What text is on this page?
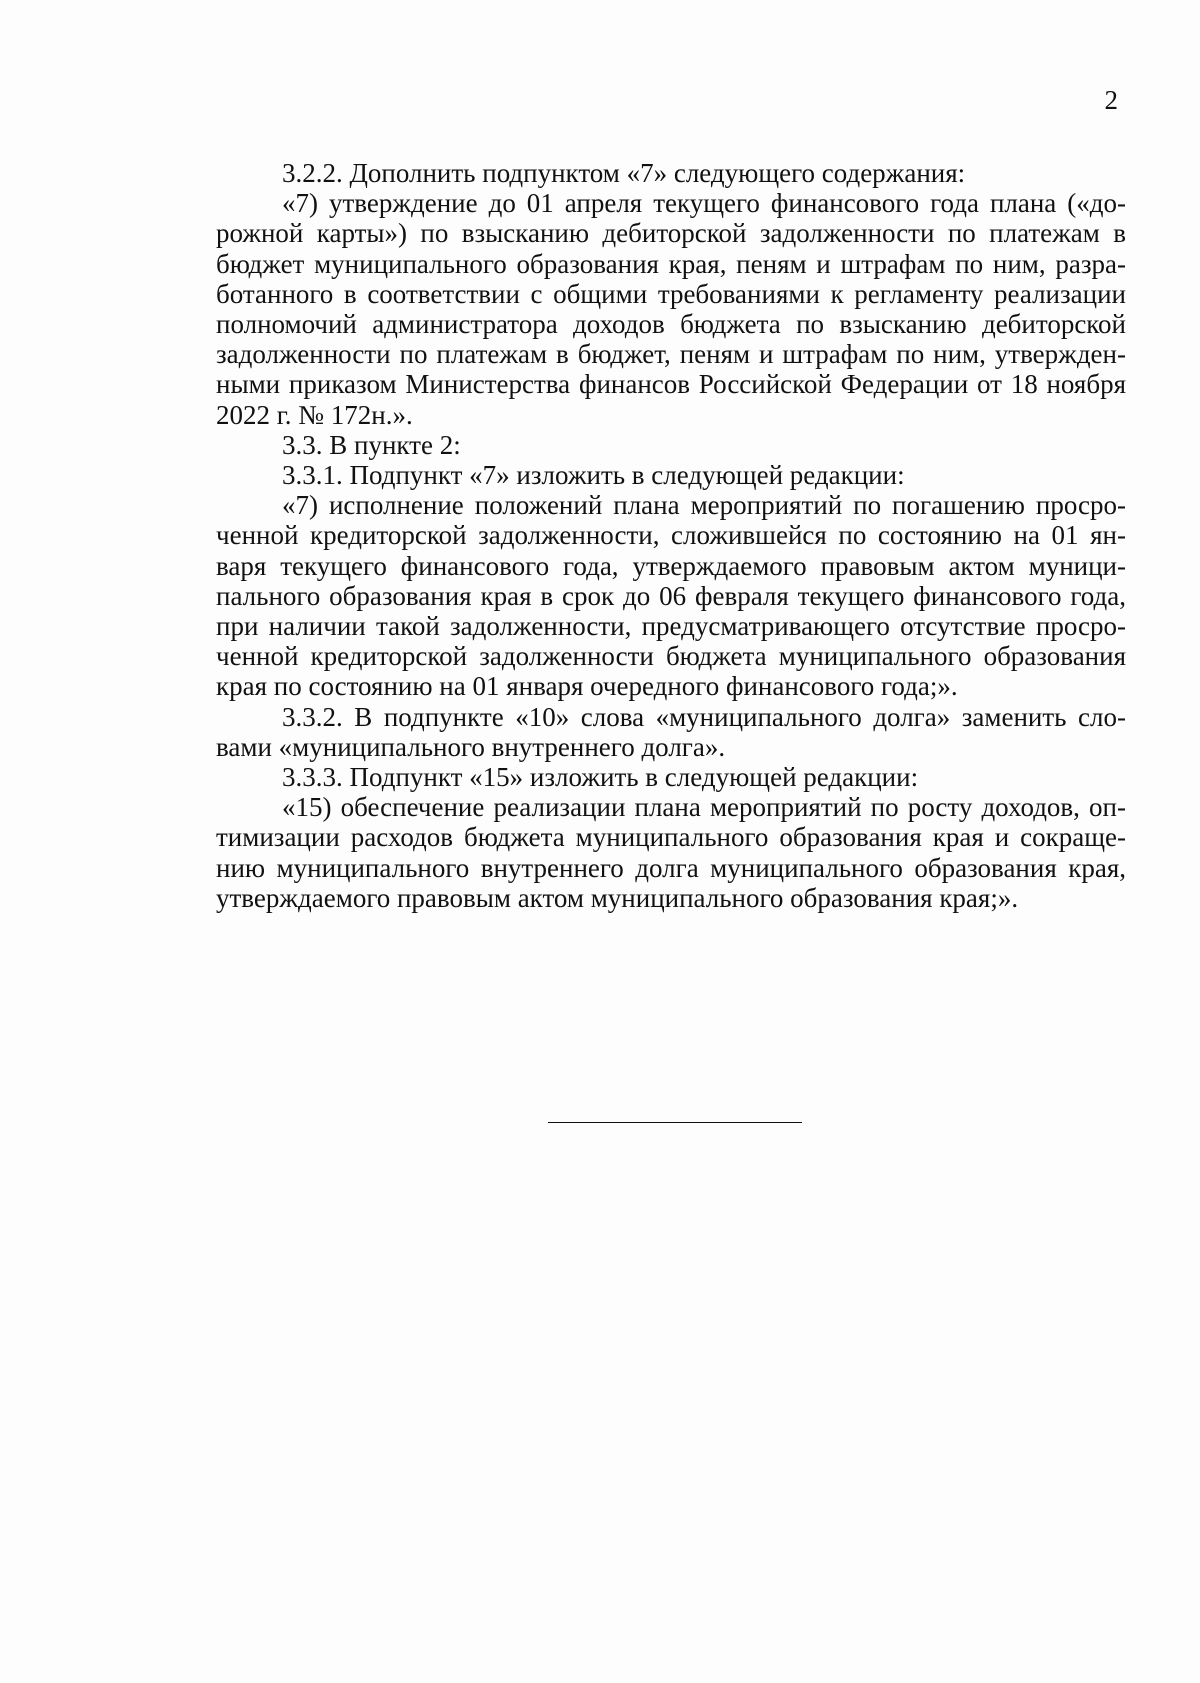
2

3.2.2. Дополнить подпунктом «7» следующего содержания:

«7) утверждение до 01 апреля текущего финансового года плана («дорожной карты») по взысканию дебиторской задолженности по платежам в бюджет муниципального образования края, пеням и штрафам по ним, разработанного в соответствии с общими требованиями к регламенту реализации полномочий администратора доходов бюджета по взысканию дебиторской задолженности по платежам в бюджет, пеням и штрафам по ним, утвержденными приказом Министерства финансов Российской Федерации от 18 ноября 2022 г. № 172н.».

3.3. В пункте 2:

3.3.1. Подпункт «7» изложить в следующей редакции:

«7) исполнение положений плана мероприятий по погашению просроченной кредиторской задолженности, сложившейся по состоянию на 01 января текущего финансового года, утверждаемого правовым актом муниципального образования края в срок до 06 февраля текущего финансового года, при наличии такой задолженности, предусматривающего отсутствие просроченной кредиторской задолженности бюджета муниципального образования края по состоянию на 01 января очередного финансового года;».

3.3.2. В подпункте «10» слова «муниципального долга» заменить словами «муниципального внутреннего долга».

3.3.3. Подпункт «15» изложить в следующей редакции:

«15) обеспечение реализации плана мероприятий по росту доходов, оптимизации расходов бюджета муниципального образования края и сокращению муниципального внутреннего долга муниципального образования края, утверждаемого правовым актом муниципального образования края;».
